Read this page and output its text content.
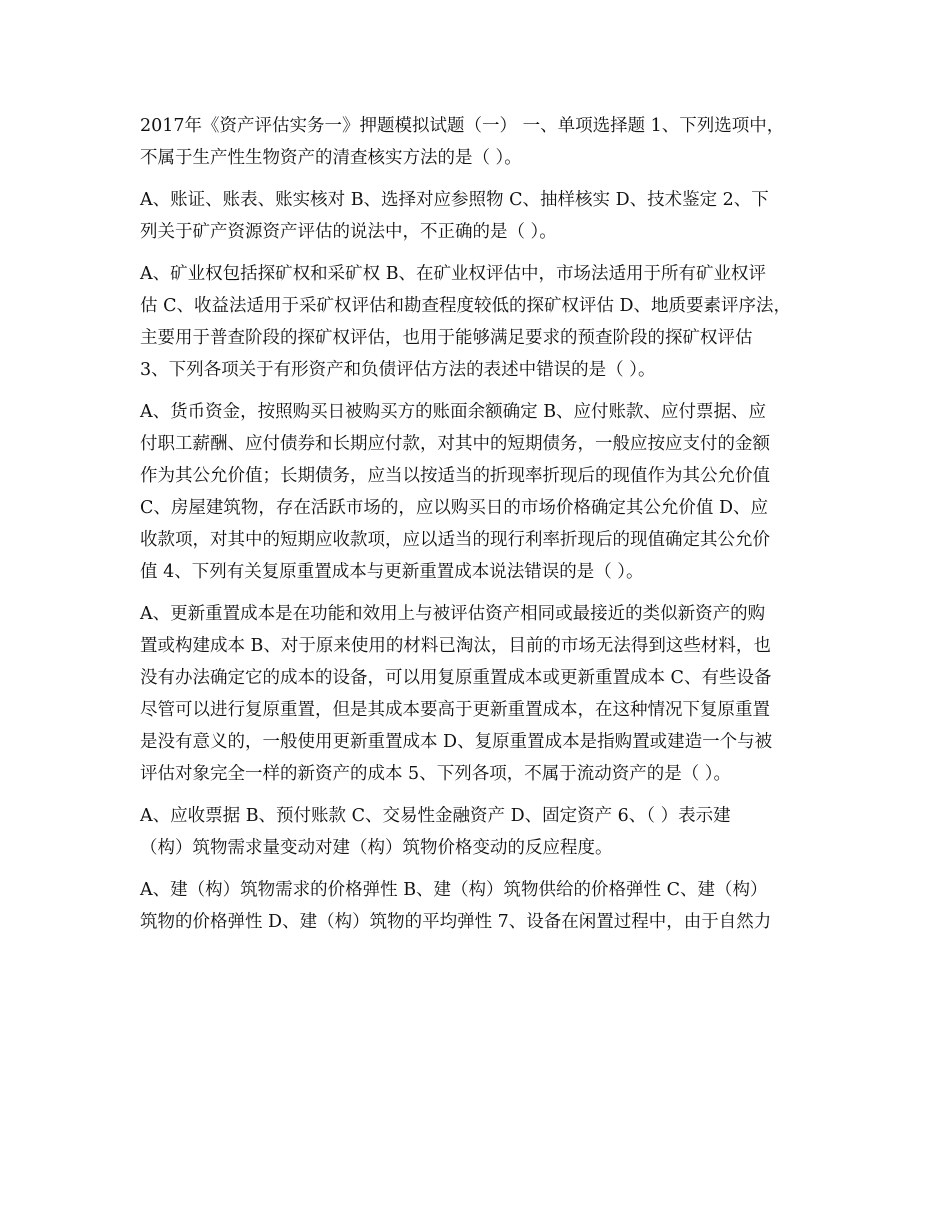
2017年《资产评估实务一》押题模拟试题（一） 一、单项选择题 1、下列选项中，
不属于生产性生物资产的清查核实方法的是（ ）。
A、账证、账表、账实核对 B、选择对应参照物 C、抽样核实 D、技术鉴定 2、下
列关于矿产资源资产评估的说法中，不正确的是（ ）。
A、矿业权包括探矿权和采矿权 B、在矿业权评估中，市场法适用于所有矿业权评
估 C、收益法适用于采矿权评估和勘查程度较低的探矿权评估 D、地质要素评序法，
主要用于普查阶段的探矿权评估，也用于能够满足要求的预查阶段的探矿权评估
3、下列各项关于有形资产和负债评估方法的表述中错误的是（ ）。
A、货币资金，按照购买日被购买方的账面余额确定 B、应付账款、应付票据、应
付职工薪酬、应付债券和长期应付款，对其中的短期债务，一般应按应支付的金额
作为其公允价值；长期债务，应当以按适当的折现率折现后的现值作为其公允价值
C、房屋建筑物，存在活跃市场的，应以购买日的市场价格确定其公允价值 D、应
收款项，对其中的短期应收款项，应以适当的现行利率折现后的现值确定其公允价
值 4、下列有关复原重置成本与更新重置成本说法错误的是（ ）。
A、更新重置成本是在功能和效用上与被评估资产相同或最接近的类似新资产的购
置或构建成本 B、对于原来使用的材料已淘汰，目前的市场无法得到这些材料，也
没有办法确定它的成本的设备，可以用复原重置成本或更新重置成本 C、有些设备
尽管可以进行复原重置，但是其成本要高于更新重置成本，在这种情况下复原重置
是没有意义的，一般使用更新重置成本 D、复原重置成本是指购置或建造一个与被
评估对象完全一样的新资产的成本 5、下列各项，不属于流动资产的是（ ）。
A、应收票据 B、预付账款 C、交易性金融资产 D、固定资产 6、（ ）表示建
（构）筑物需求量变动对建（构）筑物价格变动的反应程度。
A、建（构）筑物需求的价格弹性 B、建（构）筑物供给的价格弹性 C、建（构）
筑物的价格弹性 D、建（构）筑物的平均弹性 7、设备在闲置过程中，由于自然力
